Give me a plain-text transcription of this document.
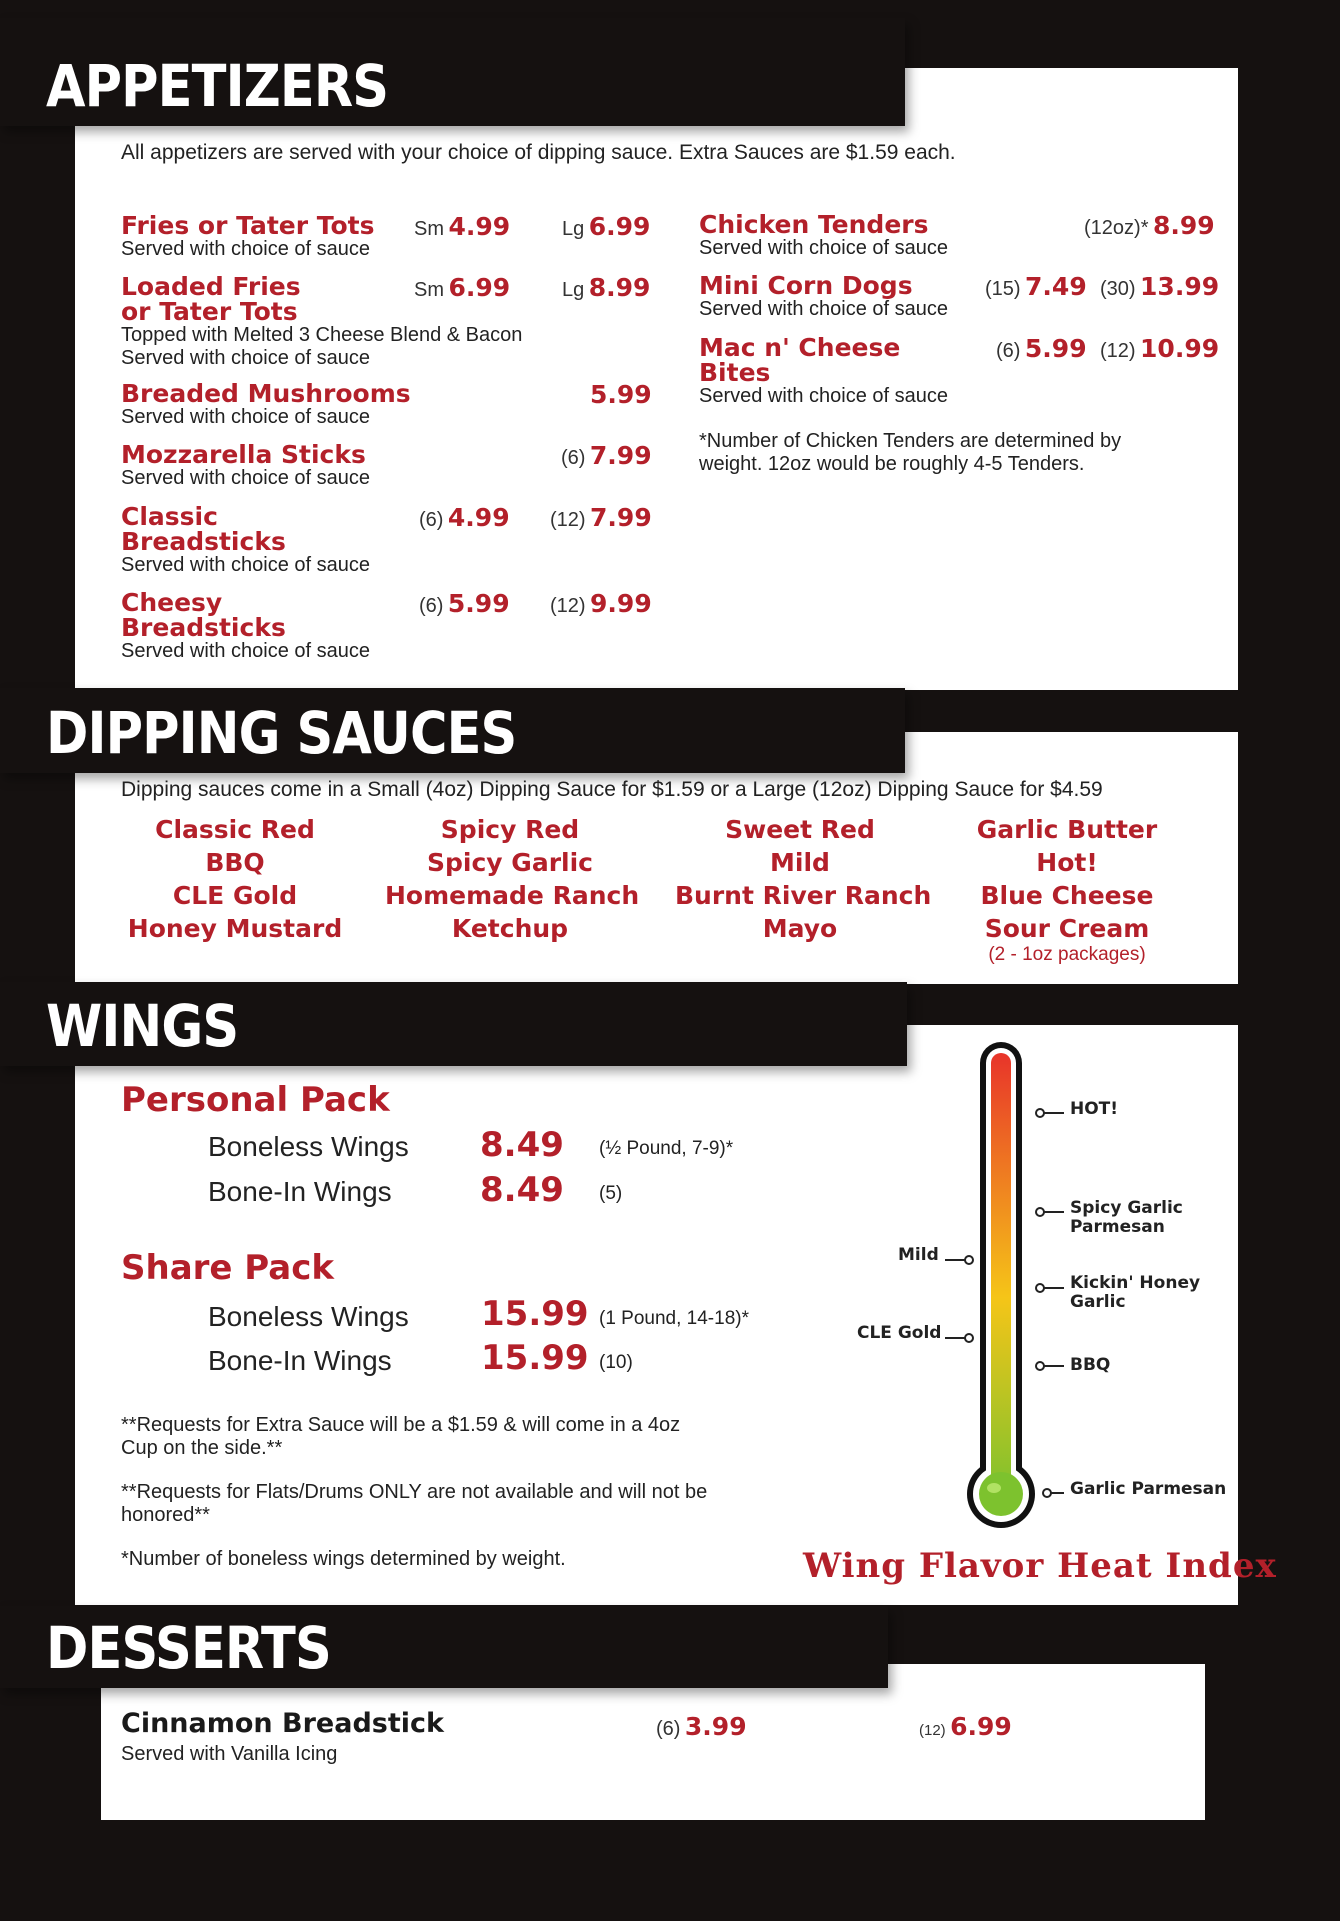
APPETIZERS
All appetizers are served with your choice of dipping sauce. Extra Sauces are $1.59 each.
Fries or Tater Tots
Served with choice of sauce
Sm 4.99	Lg 6.99
Loaded Fries
or Tater Tots
Topped with Melted 3 Cheese Blend & Bacon
Served with choice of sauce
Sm 6.99	Lg 8.99
Breaded Mushrooms
Served with choice of sauce
5.99
Mozzarella Sticks
Served with choice of sauce
(6) 7.99
Classic
Breadsticks
Served with choice of sauce
(6) 4.99 (12) 7.99
Cheesy
Breadsticks
Served with choice of sauce
(6) 5.99 (12) 9.99
Chicken Tenders
Served with choice of sauce
(12oz)* 8.99
Mini Corn Dogs
Served with choice of sauce
(15) 7.49 (30) 13.99
Mac n' Cheese
Bites
Served with choice of sauce
(6) 5.99 (12) 10.99
*Number of Chicken Tenders are determined by
weight. 12oz would be roughly 4-5 Tenders.
DIPPING SAUCES
Dipping sauces come in a Small (4oz) Dipping Sauce for $1.59 or a Large (12oz) Dipping Sauce for $4.59
Classic Red
BBQ
CLE Gold
Honey Mustard
Spicy Red
Spicy Garlic
Homemade Ranch
Ketchup
Sweet Red
Mild
Burnt River Ranch
Mayo
Garlic Butter
Hot!
Blue Cheese
Sour Cream
(2 - 1oz packages)
WINGS
Personal Pack
Boneless Wings 8.49 (½ Pound, 7-9)*
Bone-In Wings	8.49 (5)
Share Pack
Boneless Wings 15.99 (1 Pound, 14-18)*
Bone-In Wings	15.99 (10)
**Requests for Extra Sauce will be a $1.59 & will come in a 4oz Cup on the side.**
**Requests for Flats/Drums ONLY are not available and will not be honored**
*Number of boneless wings determined by weight.
HOT!
Spicy Garlic
Parmesan
Kickin' Honey
Garlic
BBQ
Garlic Parmesan
Mild
CLE Gold
Wing Flavor Heat Index
DESSERTS
Cinnamon Breadstick
Served with Vanilla Icing
(6) 3.99	(12) 6.99
